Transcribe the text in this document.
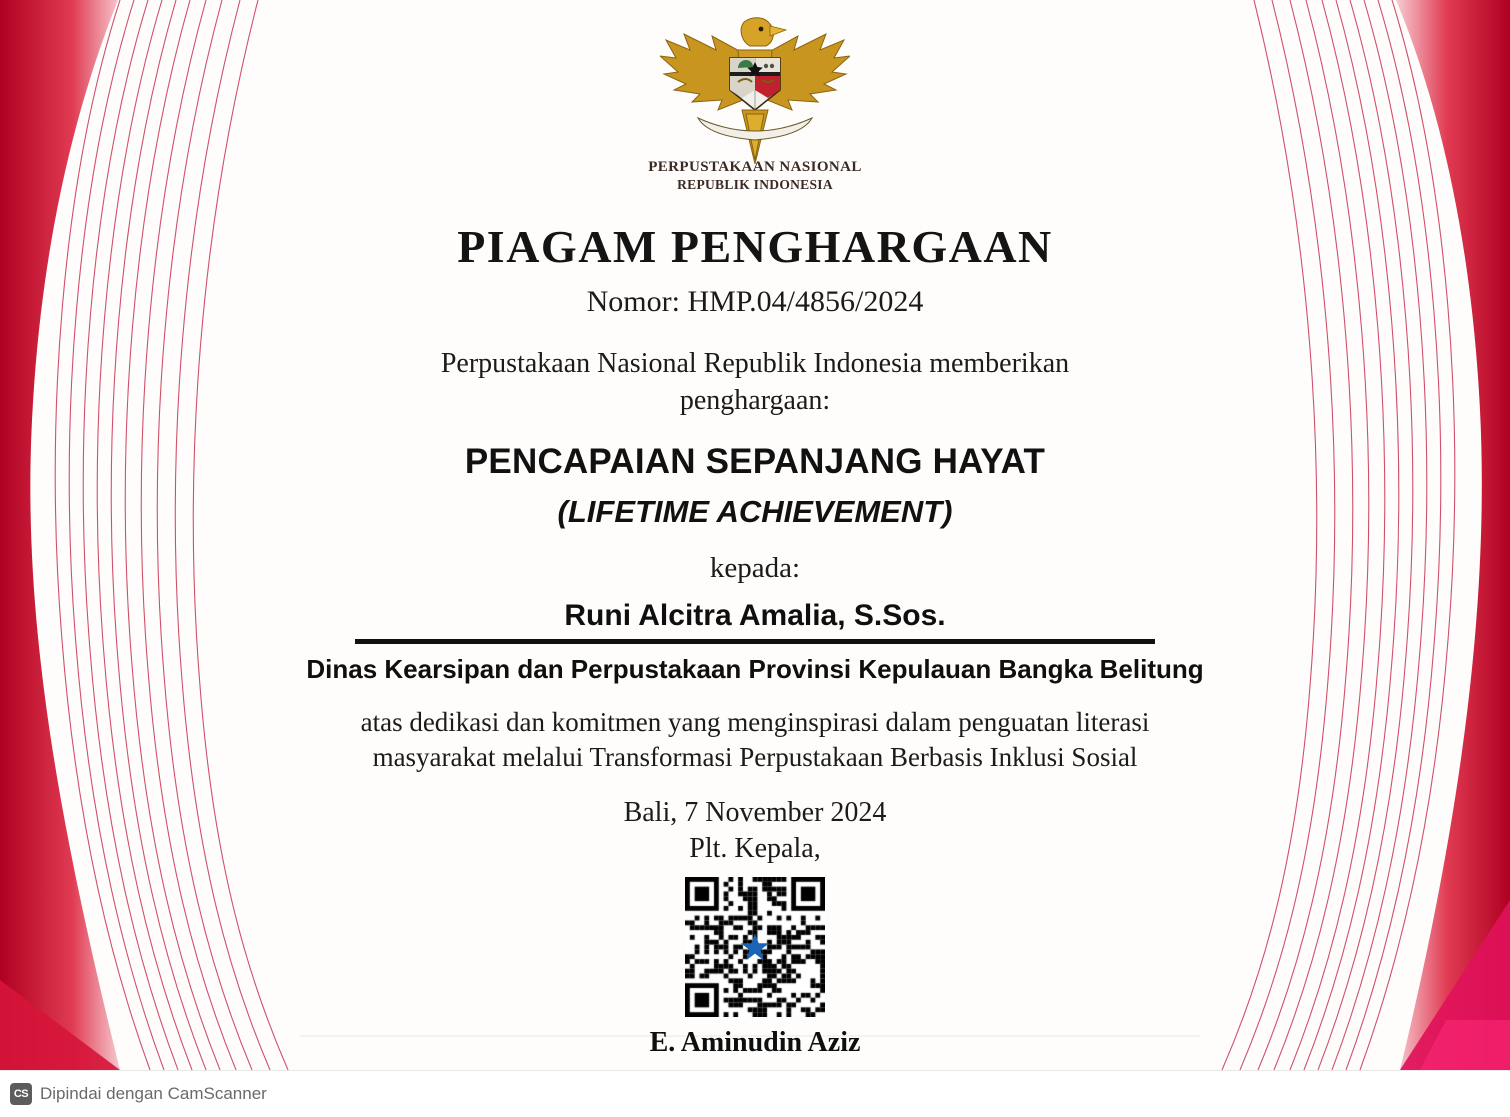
PERPUSTAKAAN NASIONAL
REPUBLIK INDONESIA
PIAGAM PENGHARGAAN
Nomor: HMP.04/4856/2024
Perpustakaan Nasional Republik Indonesia memberikan
penghargaan:
PENCAPAIAN SEPANJANG HAYAT
(LIFETIME ACHIEVEMENT)
kepada:
Runi Alcitra Amalia, S.Sos.
Dinas Kearsipan dan Perpustakaan Provinsi Kepulauan Bangka Belitung
atas dedikasi dan komitmen yang menginspirasi dalam penguatan literasi
masyarakat melalui Transformasi Perpustakaan Berbasis Inklusi Sosial
Bali, 7 November 2024
Plt. Kepala,
E. Aminudin Aziz
CS Dipindai dengan CamScanner
